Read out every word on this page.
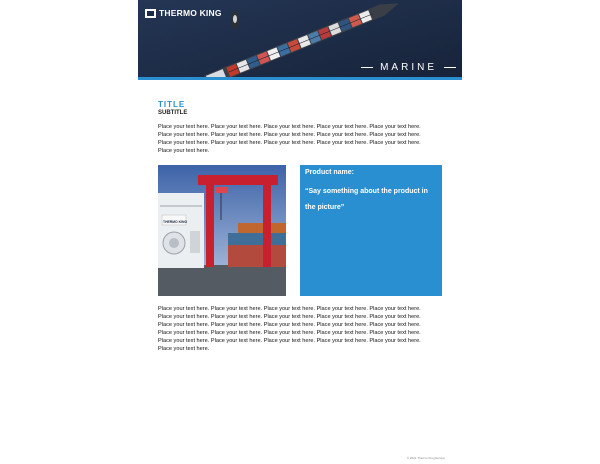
THERMO KING
MARINE
TITLE
SUBTITLE
Place your text here. Place your text here. Place your text here. Place your text here. Place your text here. Place your text here. Place your text here. Place your text here. Place your text here. Place your text here. Place your text here. Place your text here. Place your text here. Place your text here. Place your text here. Place your text here.
THERMO KING
Product name:
“Say something about the product in the picture”
Place your text here. Place your text here. Place your text here. Place your text here. Place your text here. Place your text here. Place your text here. Place your text here. Place your text here. Place your text here. Place your text here. Place your text here. Place your text here. Place your text here. Place your text here. Place your text here. Place your text here. Place your text here. Place your text here. Place your text here. Place your text here. Place your text here. Place your text here. Place your text here. Place your text here. Place your text here.
© 2021 Thermo King Europe
